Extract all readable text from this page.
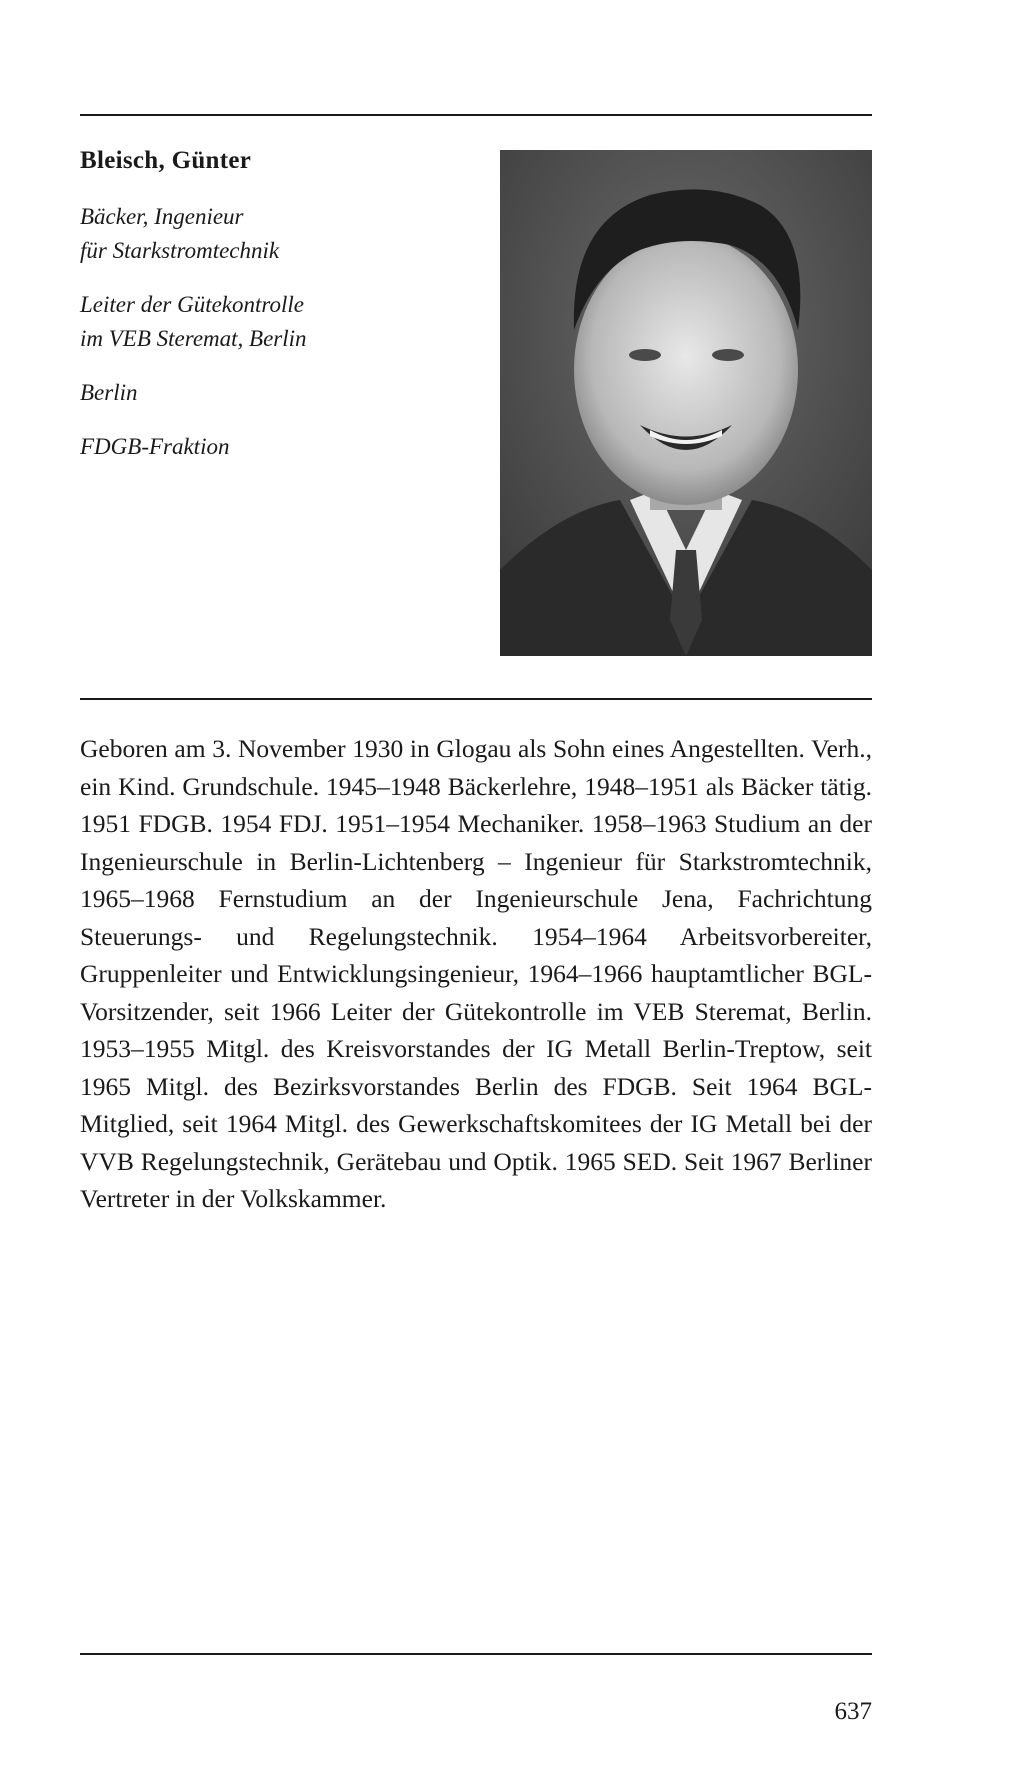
Bleisch, Günter

Bäcker, Ingenieur

für Starkstromtechnik

Leiter der Gütekontrolle

im VEB Steremat, Berlin

Berlin

FDGB-Fraktion

Geboren am 3. November 1930 in Glogau als Sohn eines Angestellten. Verh., ein Kind. Grundschule. 1945–1948 Bäckerlehre, 1948–1951 als Bäcker tätig. 1951 FDGB. 1954 FDJ. 1951–1954 Mechaniker. 1958–1963 Studium an der Ingenieurschule in Berlin-Lichtenberg – Ingenieur für Starkstromtechnik, 1965–1968 Fernstudium an der Ingenieurschule Jena, Fachrichtung Steuerungs- und Regelungstechnik. 1954–1964 Arbeitsvorbereiter, Gruppenleiter und Entwicklungsingenieur, 1964–1966 hauptamtlicher BGL-Vorsitzender, seit 1966 Leiter der Gütekontrolle im VEB Steremat, Berlin. 1953–1955 Mitgl. des Kreisvorstandes der IG Metall Berlin-Treptow, seit 1965 Mitgl. des Bezirksvorstandes Berlin des FDGB. Seit 1964 BGL-Mitglied, seit 1964 Mitgl. des Gewerkschaftskomitees der IG Metall bei der VVB Regelungstechnik, Gerätebau und Optik. 1965 SED. Seit 1967 Berliner Vertreter in der Volkskammer.

637
